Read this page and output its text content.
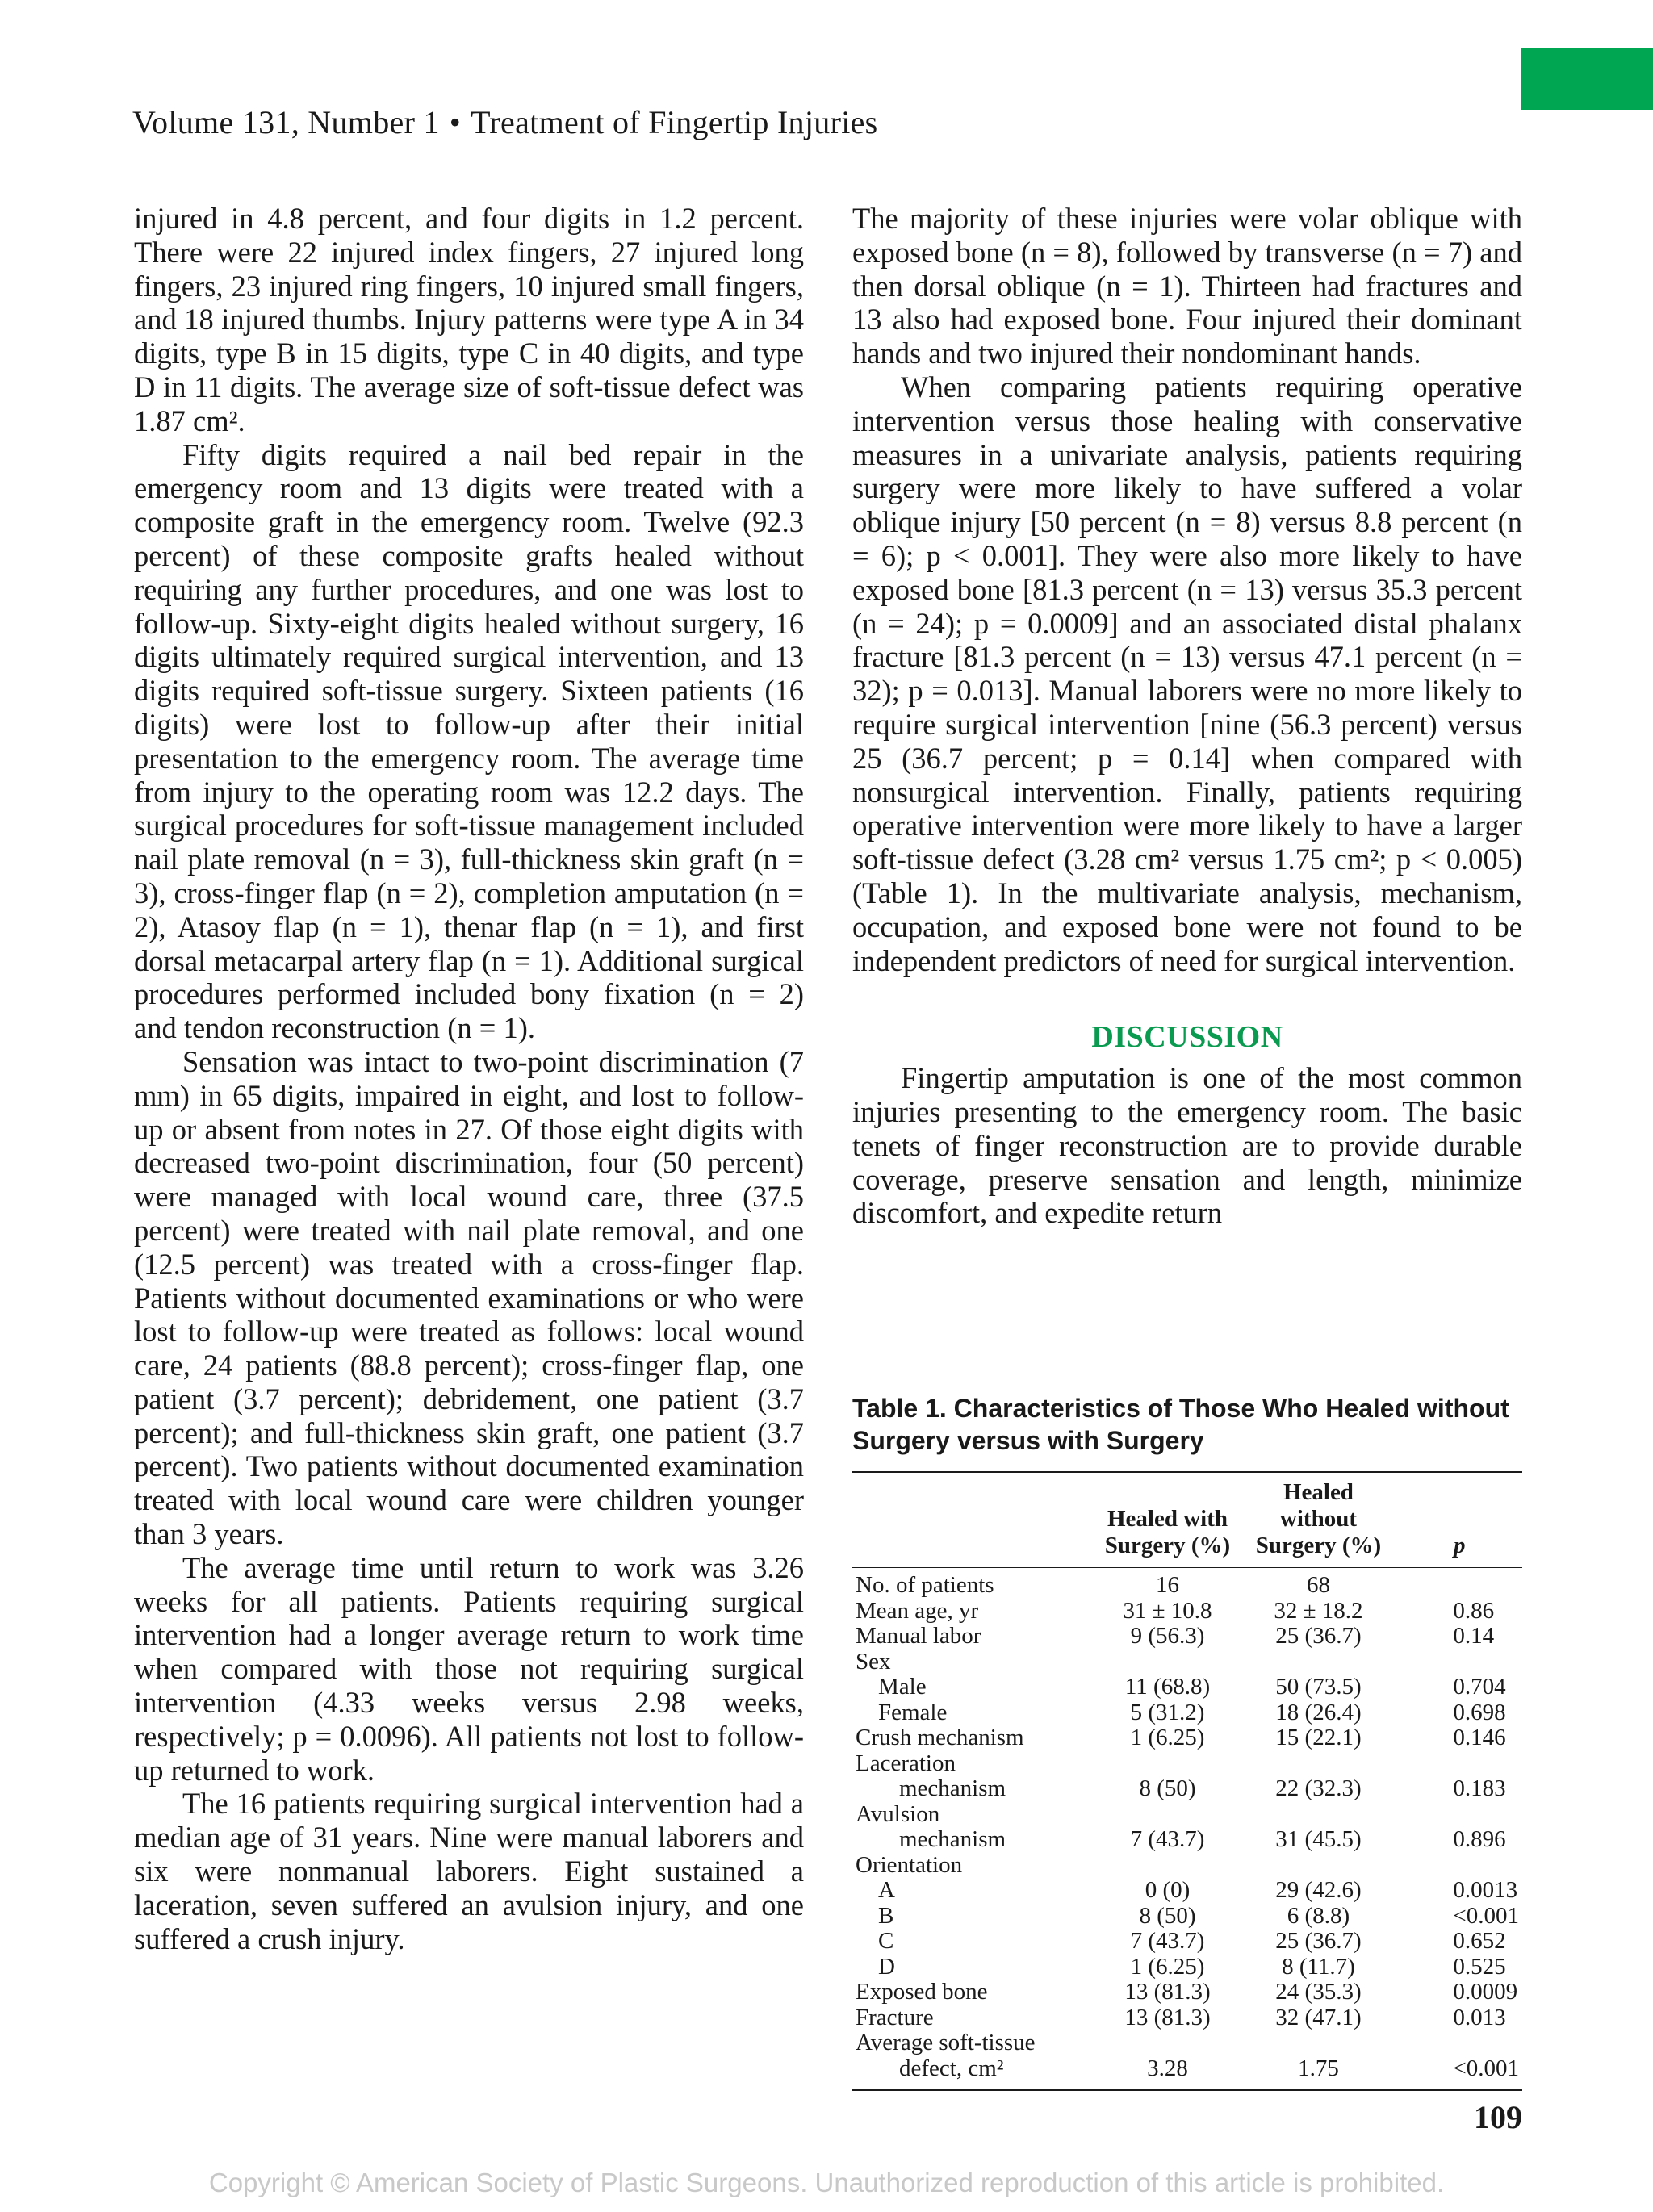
Volume 131, Number 1 • Treatment of Fingertip Injuries

injured in 4.8 percent, and four digits in 1.2 percent. There were 22 injured index fingers, 27 injured long fingers, 23 injured ring fingers, 10 injured small fingers, and 18 injured thumbs. Injury patterns were type A in 34 digits, type B in 15 digits, type C in 40 digits, and type D in 11 digits. The average size of soft-tissue defect was 1.87 cm².

Fifty digits required a nail bed repair in the emergency room and 13 digits were treated with a composite graft in the emergency room. Twelve (92.3 percent) of these composite grafts healed without requiring any further procedures, and one was lost to follow-up. Sixty-eight digits healed without surgery, 16 digits ultimately required surgical intervention, and 13 digits required soft-tissue surgery. Sixteen patients (16 digits) were lost to follow-up after their initial presentation to the emergency room. The average time from injury to the operating room was 12.2 days. The surgical procedures for soft-tissue management included nail plate removal (n = 3), full-thickness skin graft (n = 3), cross-finger flap (n = 2), completion amputation (n = 2), Atasoy flap (n = 1), thenar flap (n = 1), and first dorsal metacarpal artery flap (n = 1). Additional surgical procedures performed included bony fixation (n = 2) and tendon reconstruction (n = 1).

Sensation was intact to two-point discrimination (7 mm) in 65 digits, impaired in eight, and lost to follow-up or absent from notes in 27. Of those eight digits with decreased two-point discrimination, four (50 percent) were managed with local wound care, three (37.5 percent) were treated with nail plate removal, and one (12.5 percent) was treated with a cross-finger flap. Patients without documented examinations or who were lost to follow-up were treated as follows: local wound care, 24 patients (88.8 percent); cross-finger flap, one patient (3.7 percent); debridement, one patient (3.7 percent); and full-thickness skin graft, one patient (3.7 percent). Two patients without documented examination treated with local wound care were children younger than 3 years.

The average time until return to work was 3.26 weeks for all patients. Patients requiring surgical intervention had a longer average return to work time when compared with those not requiring surgical intervention (4.33 weeks versus 2.98 weeks, respectively; p = 0.0096). All patients not lost to follow-up returned to work.

The 16 patients requiring surgical intervention had a median age of 31 years. Nine were manual laborers and six were nonmanual laborers. Eight sustained a laceration, seven suffered an avulsion injury, and one suffered a crush injury.

The majority of these injuries were volar oblique with exposed bone (n = 8), followed by transverse (n = 7) and then dorsal oblique (n = 1). Thirteen had fractures and 13 also had exposed bone. Four injured their dominant hands and two injured their nondominant hands.

When comparing patients requiring operative intervention versus those healing with conservative measures in a univariate analysis, patients requiring surgery were more likely to have suffered a volar oblique injury [50 percent (n = 8) versus 8.8 percent (n = 6); p < 0.001]. They were also more likely to have exposed bone [81.3 percent (n = 13) versus 35.3 percent (n = 24); p = 0.0009] and an associated distal phalanx fracture [81.3 percent (n = 13) versus 47.1 percent (n = 32); p = 0.013]. Manual laborers were no more likely to require surgical intervention [nine (56.3 percent) versus 25 (36.7 percent; p = 0.14] when compared with nonsurgical intervention. Finally, patients requiring operative intervention were more likely to have a larger soft-tissue defect (3.28 cm² versus 1.75 cm²; p < 0.005) (Table 1). In the multivariate analysis, mechanism, occupation, and exposed bone were not found to be independent predictors of need for surgical intervention.

DISCUSSION

Fingertip amputation is one of the most common injuries presenting to the emergency room. The basic tenets of finger reconstruction are to provide durable coverage, preserve sensation and length, minimize discomfort, and expedite return

Table 1. Characteristics of Those Who Healed without Surgery versus with Surgery
	Healed with Surgery (%)	Healed without Surgery (%)	p
No. of patients	16	68	
Mean age, yr	31 ± 10.8	32 ± 18.2	0.86
Manual labor	9 (56.3)	25 (36.7)	0.14
Sex			
Male	11 (68.8)	50 (73.5)	0.704
Female	5 (31.2)	18 (26.4)	0.698
Crush mechanism	1 (6.25)	15 (22.1)	0.146
Laceration			
mechanism	8 (50)	22 (32.3)	0.183
Avulsion			
mechanism	7 (43.7)	31 (45.5)	0.896
Orientation			
A	0 (0)	29 (42.6)	0.0013
B	8 (50)	6 (8.8)	<0.001
C	7 (43.7)	25 (36.7)	0.652
D	1 (6.25)	8 (11.7)	0.525
Exposed bone	13 (81.3)	24 (35.3)	0.0009
Fracture	13 (81.3)	32 (47.1)	0.013
Average soft-tissue			
defect, cm²	3.28	1.75	<0.001
109
Copyright © American Society of Plastic Surgeons. Unauthorized reproduction of this article is prohibited.
